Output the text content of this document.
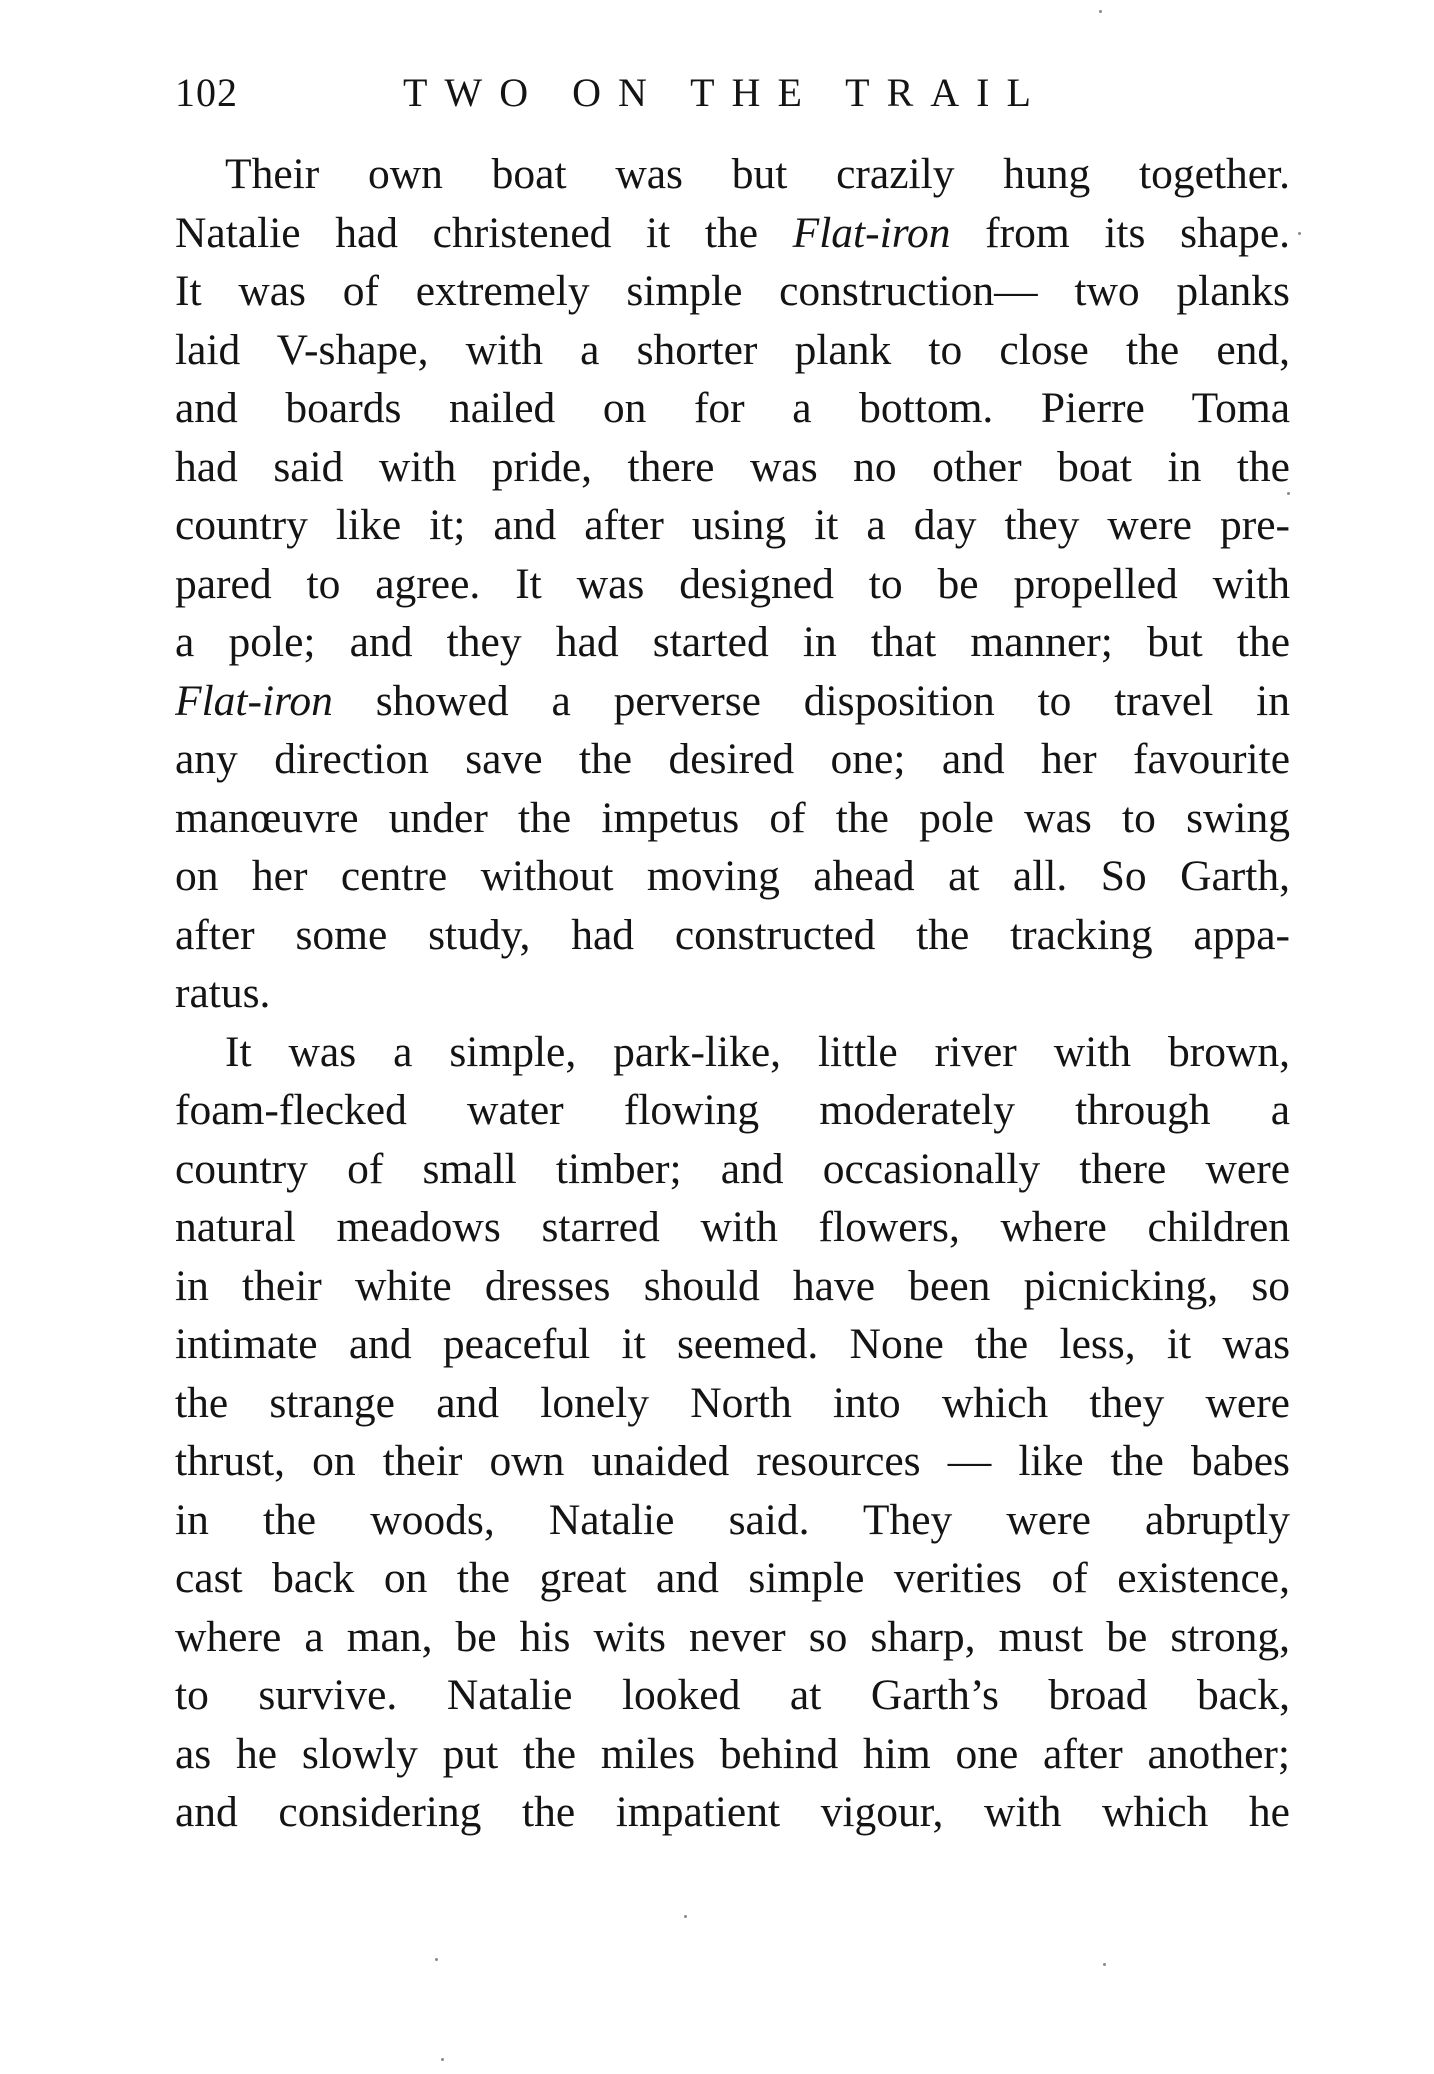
102	TWO ON THE TRAIL
Their own boat was but crazily hung together.
Natalie had christened it the Flat-iron from its shape.
It was of extremely simple construction— two planks
laid V-shape, with a shorter plank to close the end,
and boards nailed on for a bottom. Pierre Toma
had said with pride, there was no other boat in the
country like it; and after using it a day they were pre-
pared to agree. It was designed to be propelled with
a pole; and they had started in that manner; but the
Flat-iron showed a perverse disposition to travel in
any direction save the desired one; and her favourite
manœuvre under the impetus of the pole was to swing
on her centre without moving ahead at all. So Garth,
after some study, had constructed the tracking appa-
ratus.
It was a simple, park-like, little river with brown,
foam-flecked water flowing moderately through a
country of small timber; and occasionally there were
natural meadows starred with flowers, where children
in their white dresses should have been picnicking, so
intimate and peaceful it seemed. None the less, it was
the strange and lonely North into which they were
thrust, on their own unaided resources — like the babes
in the woods, Natalie said. They were abruptly
cast back on the great and simple verities of existence,
where a man, be his wits never so sharp, must be strong,
to survive. Natalie looked at Garth’s broad back,
as he slowly put the miles behind him one after another;
and considering the impatient vigour, with which he
